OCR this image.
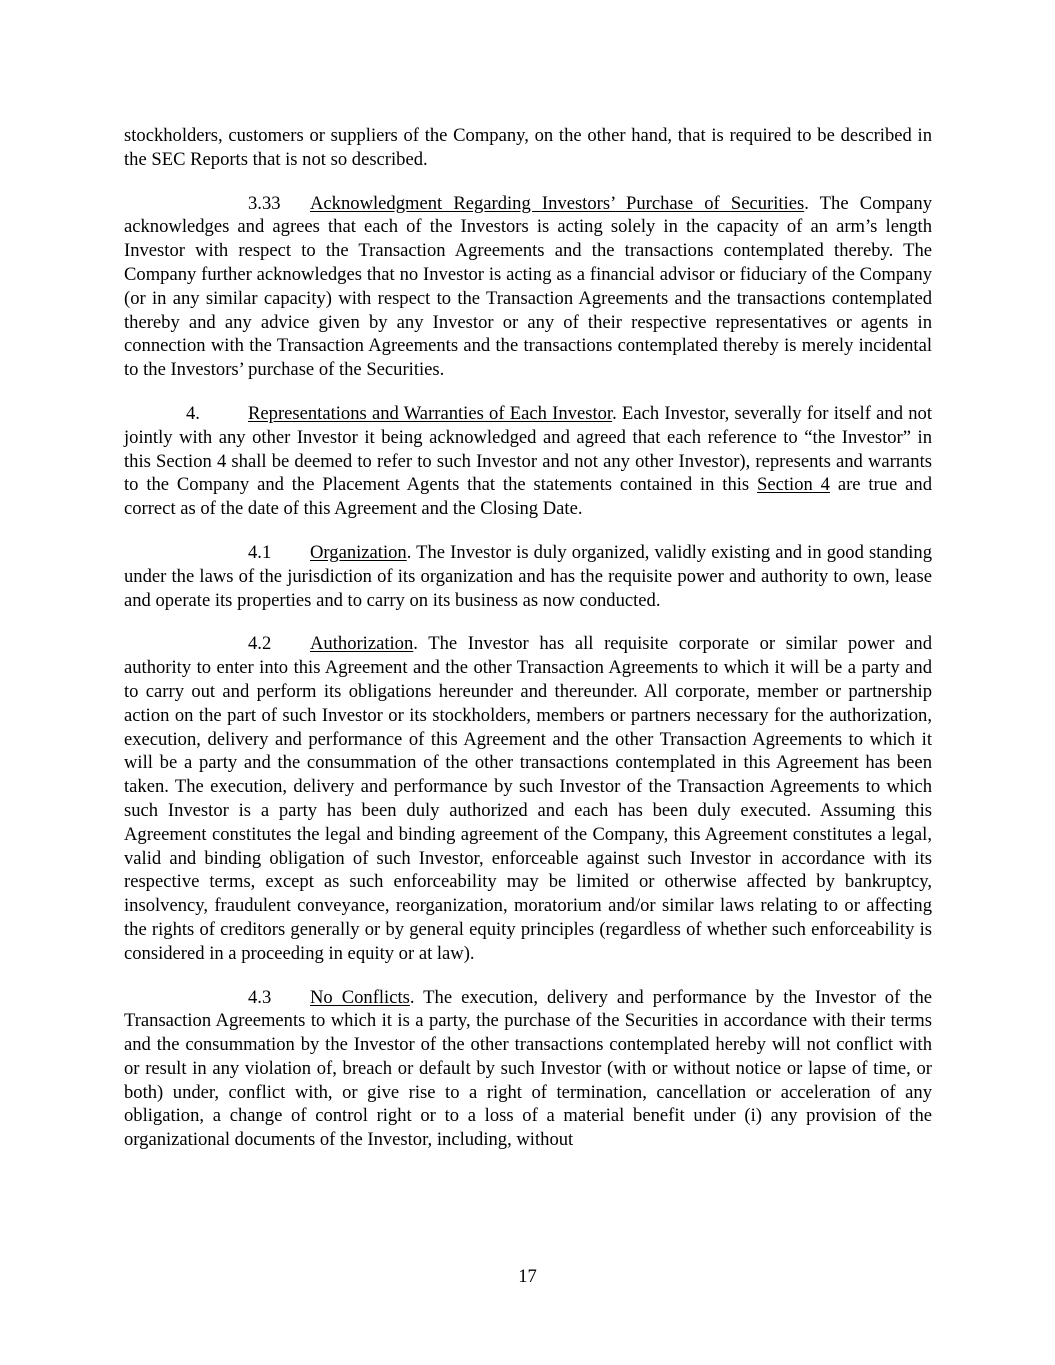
stockholders, customers or suppliers of the Company, on the other hand, that is required to be described in the SEC Reports that is not so described.

3.33 Acknowledgment Regarding Investors’ Purchase of Securities. The Company acknowledges and agrees that each of the Investors is acting solely in the capacity of an arm’s length Investor with respect to the Transaction Agreements and the transactions contemplated thereby. The Company further acknowledges that no Investor is acting as a financial advisor or fiduciary of the Company (or in any similar capacity) with respect to the Transaction Agreements and the transactions contemplated thereby and any advice given by any Investor or any of their respective representatives or agents in connection with the Transaction Agreements and the transactions contemplated thereby is merely incidental to the Investors’ purchase of the Securities.

4.	Representations and Warranties of Each Investor. Each Investor, severally for itself and not jointly with any other Investor it being acknowledged and agreed that each reference to “the Investor” in this Section 4 shall be deemed to refer to such Investor and not any other Investor), represents and warrants to the Company and the Placement Agents that the statements contained in this Section 4 are true and correct as of the date of this Agreement and the Closing Date.

4.1 Organization. The Investor is duly organized, validly existing and in good standing under the laws of the jurisdiction of its organization and has the requisite power and authority to own, lease and operate its properties and to carry on its business as now conducted.

4.2 Authorization. The Investor has all requisite corporate or similar power and authority to enter into this Agreement and the other Transaction Agreements to which it will be a party and to carry out and perform its obligations hereunder and thereunder. All corporate, member or partnership action on the part of such Investor or its stockholders, members or partners necessary for the authorization, execution, delivery and performance of this Agreement and the other Transaction Agreements to which it will be a party and the consummation of the other transactions contemplated in this Agreement has been taken. The execution, delivery and performance by such Investor of the Transaction Agreements to which such Investor is a party has been duly authorized and each has been duly executed. Assuming this Agreement constitutes the legal and binding agreement of the Company, this Agreement constitutes a legal, valid and binding obligation of such Investor, enforceable against such Investor in accordance with its respective terms, except as such enforceability may be limited or otherwise affected by bankruptcy, insolvency, fraudulent conveyance, reorganization, moratorium and/or similar laws relating to or affecting the rights of creditors generally or by general equity principles (regardless of whether such enforceability is considered in a proceeding in equity or at law).

4.3 No Conflicts. The execution, delivery and performance by the Investor of the Transaction Agreements to which it is a party, the purchase of the Securities in accordance with their terms and the consummation by the Investor of the other transactions contemplated hereby will not conflict with or result in any violation of, breach or default by such Investor (with or without notice or lapse of time, or both) under, conflict with, or give rise to a right of termination, cancellation or acceleration of any obligation, a change of control right or to a loss of a material benefit under (i) any provision of the organizational documents of the Investor, including, without

17
